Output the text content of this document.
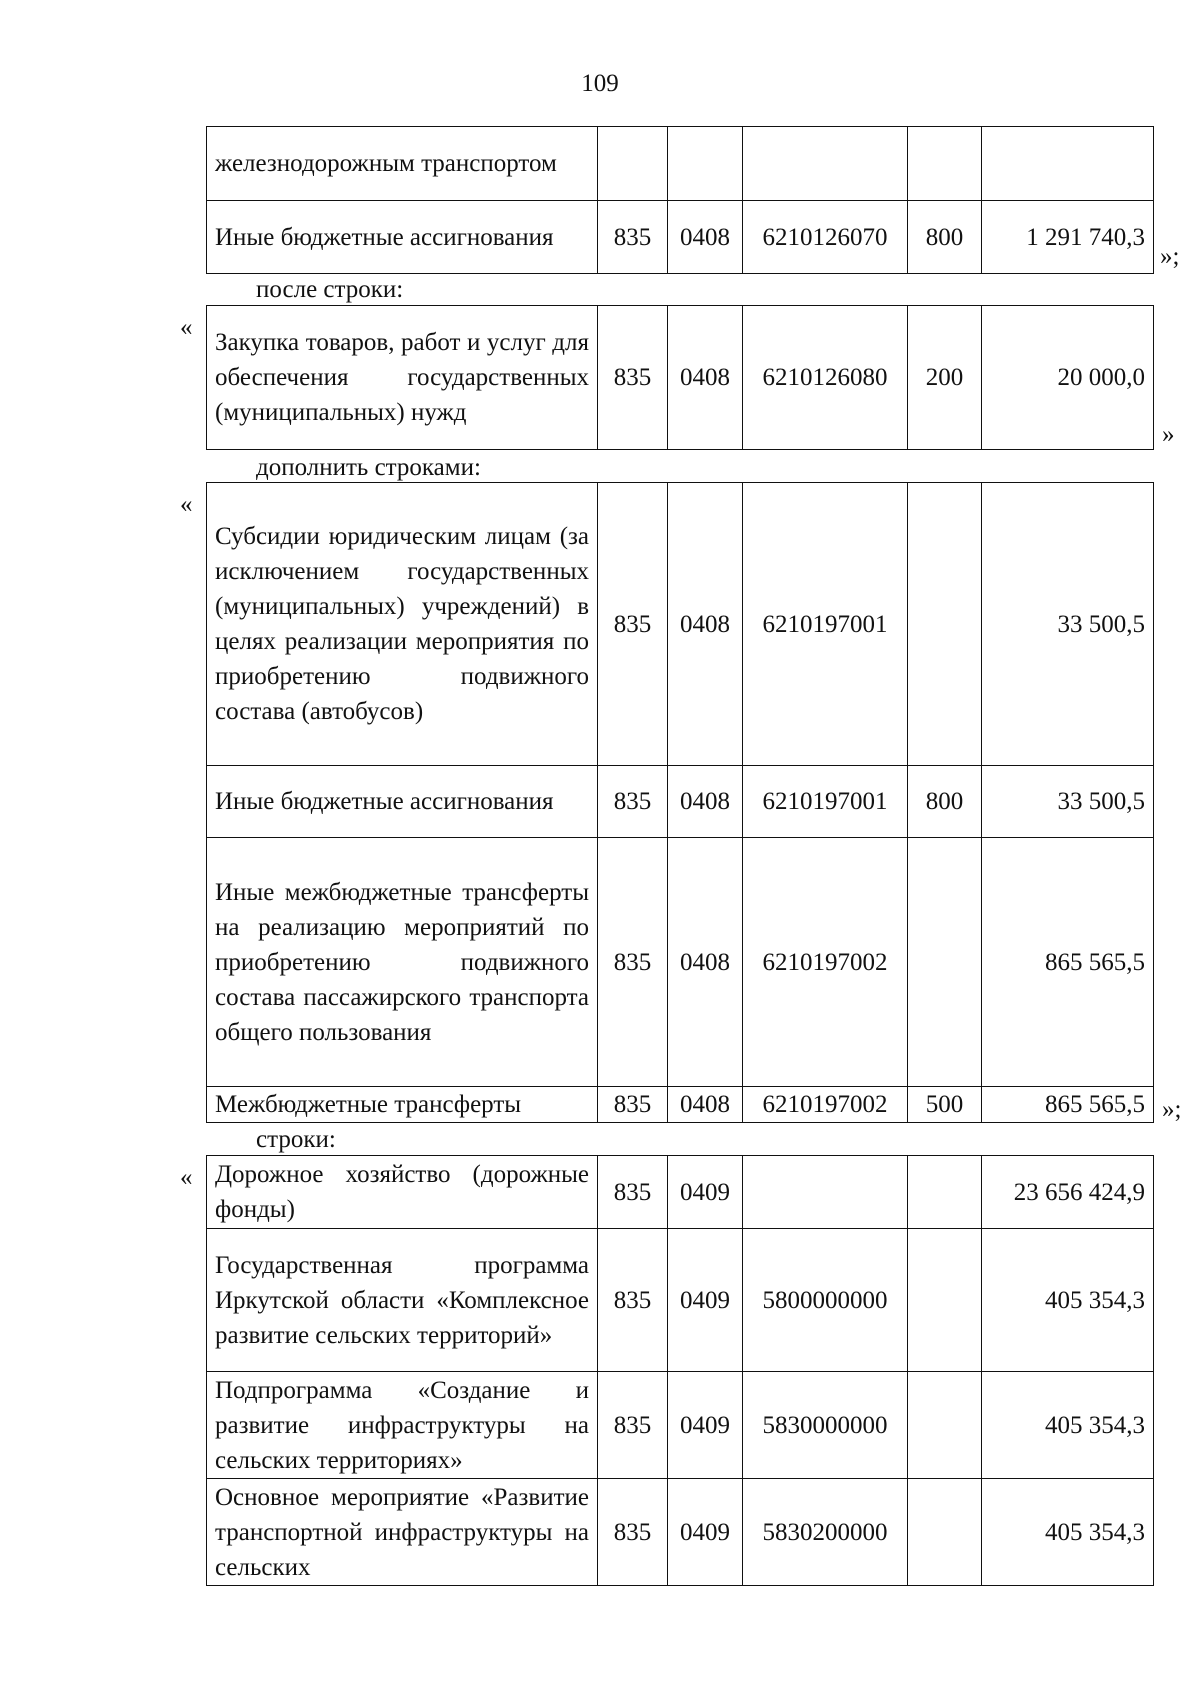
109
железнодорожным транспортом					
Иные бюджетные ассигнования	835	0408	6210126070	800	1 291 740,3
»;
после строки:
«
Закупка товаров, работ и услуг для обеспечения государственных (муниципальных) нужд	835	0408	6210126080	200	20 000,0
»
дополнить строками:
«
Субсидии юридическим лицам (за исключением государственных (муниципальных) учреждений) в целях реализации мероприятия по приобретению подвижного состава (автобусов)	835	0408	6210197001		33 500,5
Иные бюджетные ассигнования	835	0408	6210197001	800	33 500,5
Иные межбюджетные трансферты на реализацию мероприятий по приобретению подвижного состава пассажирского транспорта общего пользования	835	0408	6210197002		865 565,5
Межбюджетные трансферты	835	0408	6210197002	500	865 565,5 »;
строки:
« Дорожное хозяйство (дорожные фонды)	835	0409			23 656 424,9
Государственная программа Иркутской области «Комплексное развитие сельских территорий»	835	0409	5800000000		405 354,3
Подпрограмма «Создание и развитие инфраструктуры на сельских территориях»	835	0409	5830000000		405 354,3
Основное мероприятие «Развитие транспортной инфраструктуры на сельских	835	0409	5830200000		405 354,3
